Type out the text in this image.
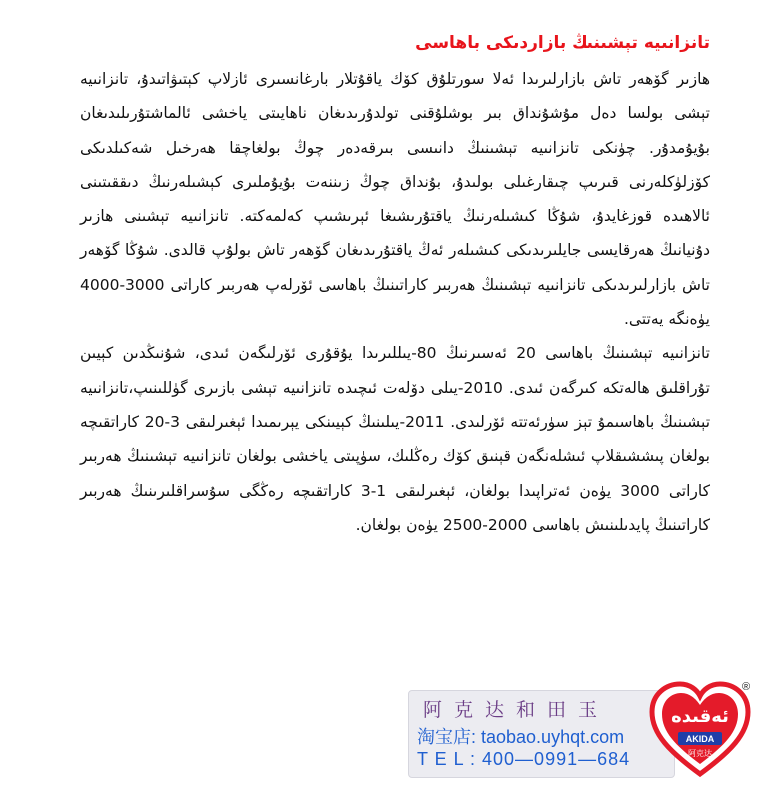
تانزانىيە تېشىنىڭ بازاردىكى باھاسى

ھازىر گۆھەر تاش بازارلىرىدا ئەلا سورتلۇق كۆك ياقۇتلار بارغانسىرى ئازلاپ كېتىۋاتىدۇ، تانزانىيە تېشى بولسا دەل مۇشۇنداق بىر بوشلۇقنى تولدۇرىدىغان ناھايىتى ياخشى ئالماشتۇرىلىدىغان بۇيۇمدۇر. چۈنكى تانزانىيە تېشىنىڭ دانىسى بىرقەدەر چوڭ بولغاچقا ھەرخىل شەكىلدىكى كۆزلۈكلەرنى قىرىپ چىقارغىلى بولىدۇ، بۇنداق چوڭ زىننەت بۇيۇملىرى كېشىلەرنىڭ دىققىتىنى ئالاھىدە قوزغايدۇ، شۇڭا كىشىلەرنىڭ ياقتۇرىشىغا ئېرىشىپ كەلمەكتە. تانزانىيە تېشىنى ھازىر دۇنيانىڭ ھەرقايسى جايلىرىدىكى كىشىلەر ئەڭ ياقتۇرىدىغان گۆھەر تاش بولۇپ قالدى. شۇڭا گۆھەر تاش بازارلىرىدىكى تانزانىيە تېشىنىڭ ھەربىر كاراتىنىڭ باھاسى ئۆرلەپ ھەربىر كاراتى 3000-4000 يۈەنگە يەتتى.

تانزانىيە تېشىنىڭ باھاسى 20 ئەسىرنىڭ 80-يىللىرىدا يۇقۇرى ئۆرلىگەن ئىدى، شۇنىڭدىن كېيىن تۇراقلىق ھالەتكە كىرگەن ئىدى. 2010-يىلى دۆلەت ئىچىدە تانزانىيە تېشى بازىرى گۈللىنىپ،تانزانىيە تېشىنىڭ باھاسىمۇ تېز سۈرئەتتە ئۆرلىدى. 2011-يىلىنىڭ كېيىنكى يېرىمىدا ئېغىرلىقى 3-20 كاراتقىچە بولغان پىششىقلاپ ئىشلەنگەن قېنىق كۆك رەڭلىك، سۈپىتى ياخشى بولغان تانزانىيە تېشىنىڭ ھەربىر كاراتى 3000 يۈەن ئەتراپىدا بولغان، ئېغىرلىقى 1-3 كاراتقىچە رەڭگى سۇسراقلىرىنىڭ ھەربىر كاراتىنىڭ پايدىلىنىش باھاسى 2000-2500 يۈەن بولغان.

阿克达和田玉
淘宝店: taobao.uyhqt.com
T E L : 400—0991—684
ئەقىدە
AKIDA
阿克达
®
